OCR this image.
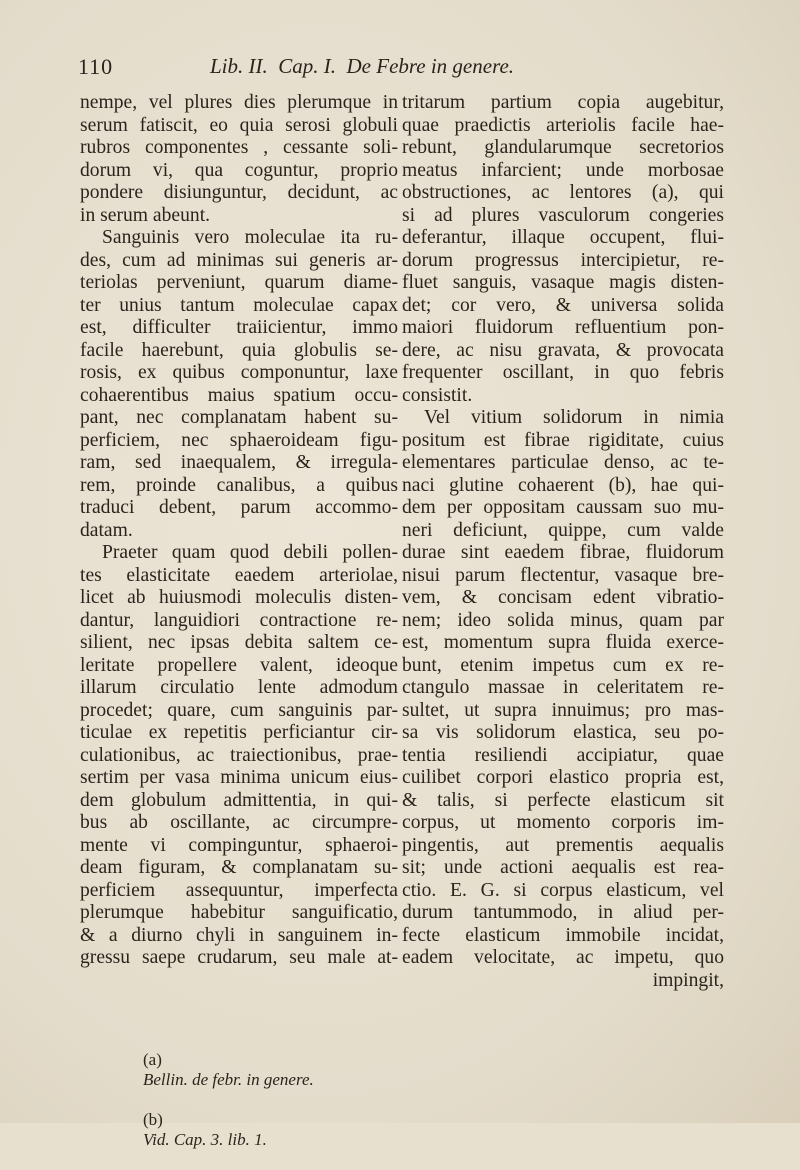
110	Lib. II.  Cap. I.  De Febre in genere.
nempe, vel plures dies plerumque in
serum fatiscit, eo quia serosi globuli
rubros componentes , cessante soli-
dorum vi, qua coguntur, proprio
pondere disiunguntur, decidunt, ac
in serum abeunt.
Sanguinis vero moleculae ita ru-
des, cum ad minimas sui generis ar-
teriolas perveniunt, quarum diame-
ter unius tantum moleculae capax
est, difficulter traiicientur, immo
facile haerebunt, quia globulis se-
rosis, ex quibus componuntur, laxe
cohaerentibus maius spatium occu-
pant, nec complanatam habent su-
perficiem, nec sphaeroideam figu-
ram, sed inaequalem, & irregula-
rem, proinde canalibus, a quibus
traduci debent, parum accommo-
datam.
Praeter quam quod debili pollen-
tes elasticitate eaedem arteriolae,
licet ab huiusmodi moleculis disten-
dantur, languidiori contractione re-
silient, nec ipsas debita saltem ce-
leritate propellere valent, ideoque
illarum circulatio lente admodum
procedet; quare, cum sanguinis par-
ticulae ex repetitis perficiantur cir-
culationibus, ac traiectionibus, prae-
sertim per vasa minima unicum eius-
dem globulum admittentia, in qui-
bus ab oscillante, ac circumpre-
mente vi compinguntur, sphaeroi-
deam figuram, & complanatam su-
perficiem assequuntur, imperfecta
plerumque habebitur sanguificatio,
& a diurno chyli in sanguinem in-
gressu saepe crudarum, seu male at-
tritarum partium copia augebitur,
quae praedictis arteriolis facile hae-
rebunt, glandularumque secretorios
meatus infarcient; unde morbosae
obstructiones, ac lentores (a), qui
si ad plures vasculorum congeries
deferantur, illaque occupent, flui-
dorum progressus intercipietur, re-
fluet sanguis, vasaque magis disten-
det; cor vero, & universa solida
maiori fluidorum refluentium pon-
dere, ac nisu gravata, & provocata
frequenter oscillant, in quo febris
consistit.
Vel vitium solidorum in nimia
positum est fibrae rigiditate, cuius
elementares particulae denso, ac te-
naci glutine cohaerent (b), hae qui-
dem per oppositam caussam suo mu-
neri deficiunt, quippe, cum valde
durae sint eaedem fibrae, fluidorum
nisui parum flectentur, vasaque bre-
vem, & concisam edent vibratio-
nem; ideo solida minus, quam par
est, momentum supra fluida exerce-
bunt, etenim impetus cum ex re-
ctangulo massae in celeritatem re-
sultet, ut supra innuimus; pro mas-
sa vis solidorum elastica, seu po-
tentia resiliendi accipiatur, quae
cuilibet corpori elastico propria est,
& talis, si perfecte elasticum sit
corpus, ut momento corporis im-
pingentis, aut prementis aequalis
sit; unde actioni aequalis est rea-
ctio. E. G. si corpus elasticum, vel
durum tantummodo, in aliud per-
fecte elasticum immobile incidat,
eadem velocitate, ac impetu, quo
impingit,

(a)
Bellin. de febr. in genere.

(b)
Vid. Cap. 3. lib. 1.
